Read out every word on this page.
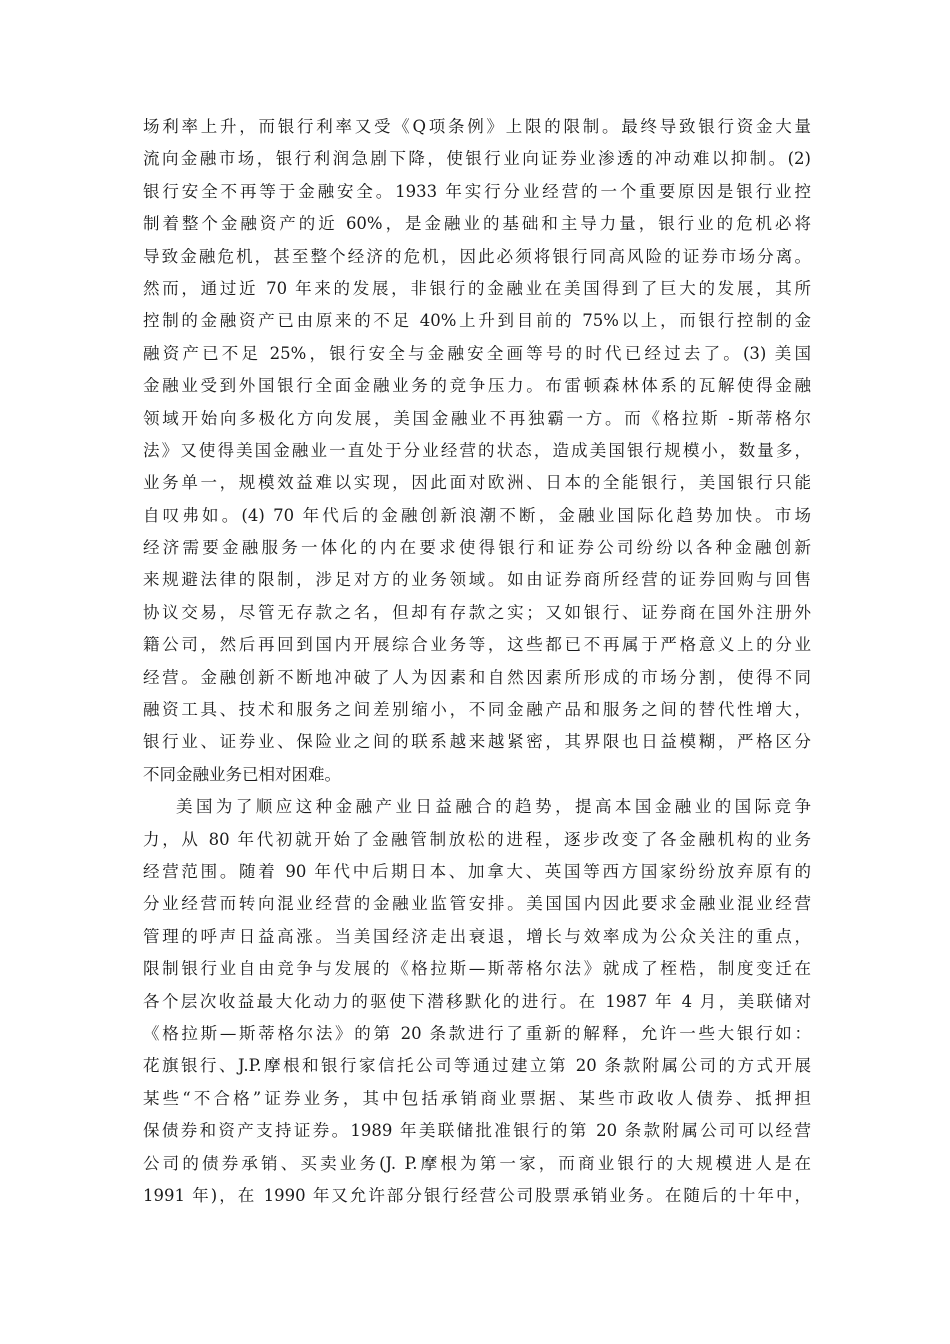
场利率上升，而银行利率又受《Q项条例》上限的限制。最终导致银行资金大量
流向金融市场，银行利润急剧下降，使银行业向证券业渗透的冲动难以抑制。(2)
银行安全不再等于金融安全。1933 年实行分业经营的一个重要原因是银行业控
制着整个金融资产的近 60%，是金融业的基础和主导力量，银行业的危机必将
导致金融危机，甚至整个经济的危机，因此必须将银行同高风险的证券市场分离。
然而，通过近 70 年来的发展，非银行的金融业在美国得到了巨大的发展，其所
控制的金融资产已由原来的不足 40%上升到目前的 75%以上，而银行控制的金
融资产已不足 25%，银行安全与金融安全画等号的时代已经过去了。(3) 美国
金融业受到外国银行全面金融业务的竞争压力。布雷顿森林体系的瓦解使得金融
领域开始向多极化方向发展，美国金融业不再独霸一方。而《格拉斯 -斯蒂格尔
法》又使得美国金融业一直处于分业经营的状态，造成美国银行规模小，数量多，
业务单一，规模效益难以实现，因此面对欧洲、日本的全能银行，美国银行只能
自叹弗如。(4) 70 年代后的金融创新浪潮不断，金融业国际化趋势加快。市场
经济需要金融服务一体化的内在要求使得银行和证券公司纷纷以各种金融创新
来规避法律的限制，涉足对方的业务领域。如由证券商所经营的证券回购与回售
协议交易，尽管无存款之名，但却有存款之实；又如银行、证券商在国外注册外
籍公司，然后再回到国内开展综合业务等，这些都已不再属于严格意义上的分业
经营。金融创新不断地冲破了人为因素和自然因素所形成的市场分割，使得不同
融资工具、技术和服务之间差别缩小，不同金融产品和服务之间的替代性增大，
银行业、证券业、保险业之间的联系越来越紧密，其界限也日益模糊，严格区分
不同金融业务已相对困难。
美国为了顺应这种金融产业日益融合的趋势，提高本国金融业的国际竞争
力，从 80 年代初就开始了金融管制放松的进程，逐步改变了各金融机构的业务
经营范围。随着 90 年代中后期日本、加拿大、英国等西方国家纷纷放弃原有的
分业经营而转向混业经营的金融业监管安排。美国国内因此要求金融业混业经营
管理的呼声日益高涨。当美国经济走出衰退，增长与效率成为公众关注的重点，
限制银行业自由竞争与发展的《格拉斯—斯蒂格尔法》就成了桎梏，制度变迁在
各个层次收益最大化动力的驱使下潜移默化的进行。在 1987 年 4 月，美联储对
《格拉斯—斯蒂格尔法》的第 20 条款进行了重新的解释，允许一些大银行如：
花旗银行、J.P.摩根和银行家信托公司等通过建立第 20 条款附属公司的方式开展
某些“不合格”证券业务，其中包括承销商业票据、某些市政收人债券、抵押担
保债券和资产支持证券。1989 年美联储批准银行的第 20 条款附属公司可以经营
公司的债券承销、买卖业务(J. P.摩根为第一家，而商业银行的大规模进人是在
1991 年)，在 1990 年又允许部分银行经营公司股票承销业务。在随后的十年中，
